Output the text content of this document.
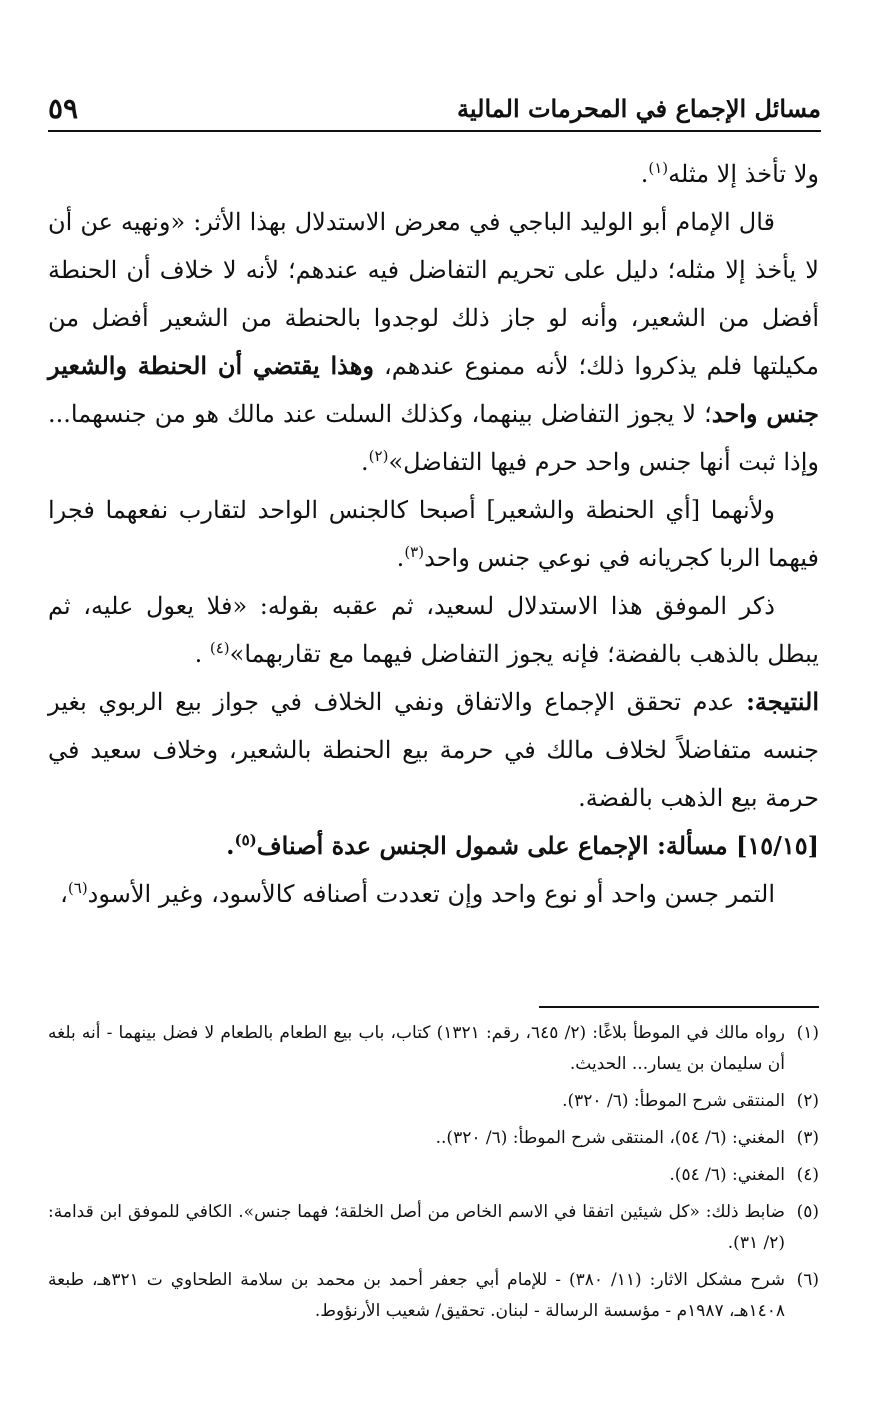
مسائل الإجماع في المحرمات المالية
٥٩

ولا تأخذ إلا مثله$^{(١)}$.

قال الإمام أبو الوليد الباجي في معرض الاستدلال بهذا الأثر: «ونهيه عن أن لا يأخذ إلا مثله؛ دليل على تحريم التفاضل فيه عندهم؛ لأنه لا خلاف أن الحنطة أفضل من الشعير، وأنه لو جاز ذلك لوجدوا بالحنطة من الشعير أفضل من مكيلتها فلم يذكروا ذلك؛ لأنه ممنوع عندهم، وهذا يقتضي أن الحنطة والشعير جنس واحد؛ لا يجوز التفاضل بينهما، وكذلك السلت عند مالك هو من جنسهما... وإذا ثبت أنها جنس واحد حرم فيها التفاضل»$^{(٢)}$.

ولأنهما [أي الحنطة والشعير] أصبحا كالجنس الواحد لتقارب نفعهما فجرا فيهما الربا كجريانه في نوعي جنس واحد$^{(٣)}$.

ذكر الموفق هذا الاستدلال لسعيد، ثم عقبه بقوله: «فلا يعول عليه، ثم يبطل بالذهب بالفضة؛ فإنه يجوز التفاضل فيهما مع تقاربهما»$^{(٤)}$ .

النتيجة: عدم تحقق الإجماع والاتفاق ونفي الخلاف في جواز بيع الربوي بغير جنسه متفاضلاً لخلاف مالك في حرمة بيع الحنطة بالشعير، وخلاف سعيد في حرمة بيع الذهب بالفضة.

[١٥/١٥] مسألة: الإجماع على شمول الجنس عدة أصناف$^{(٥)}$.

التمر جسن واحد أو نوع واحد وإن تعددت أصنافه كالأسود، وغير الأسود$^{(٦)}$،

(١)
رواه مالك في الموطأ بلاغًا: (٢/ ٦٤٥، رقم: ١٣٢١) كتاب، باب بيع الطعام بالطعام لا فضل بينهما - أنه بلغه أن سليمان بن يسار... الحديث.
(٢)
المنتقى شرح الموطأ: (٦/ ٣٢٠).
(٣)
المغني: (٦/ ٥٤)، المنتقى شرح الموطأ: (٦/ ٣٢٠)..
(٤)
المغني: (٦/ ٥٤).
(٥)
ضابط ذلك: «كل شيئين اتفقا في الاسم الخاص من أصل الخلقة؛ فهما جنس». الكافي للموفق ابن قدامة: (٢/ ٣١).
(٦)
شرح مشكل الاثار: (١١/ ٣٨٠) - للإمام أبي جعفر أحمد بن محمد بن سلامة الطحاوي ت ٣٢١هـ، طبعة ١٤٠٨هـ، ١٩٨٧م - مؤسسة الرسالة - لبنان. تحقيق/ شعيب الأرنؤوط.
